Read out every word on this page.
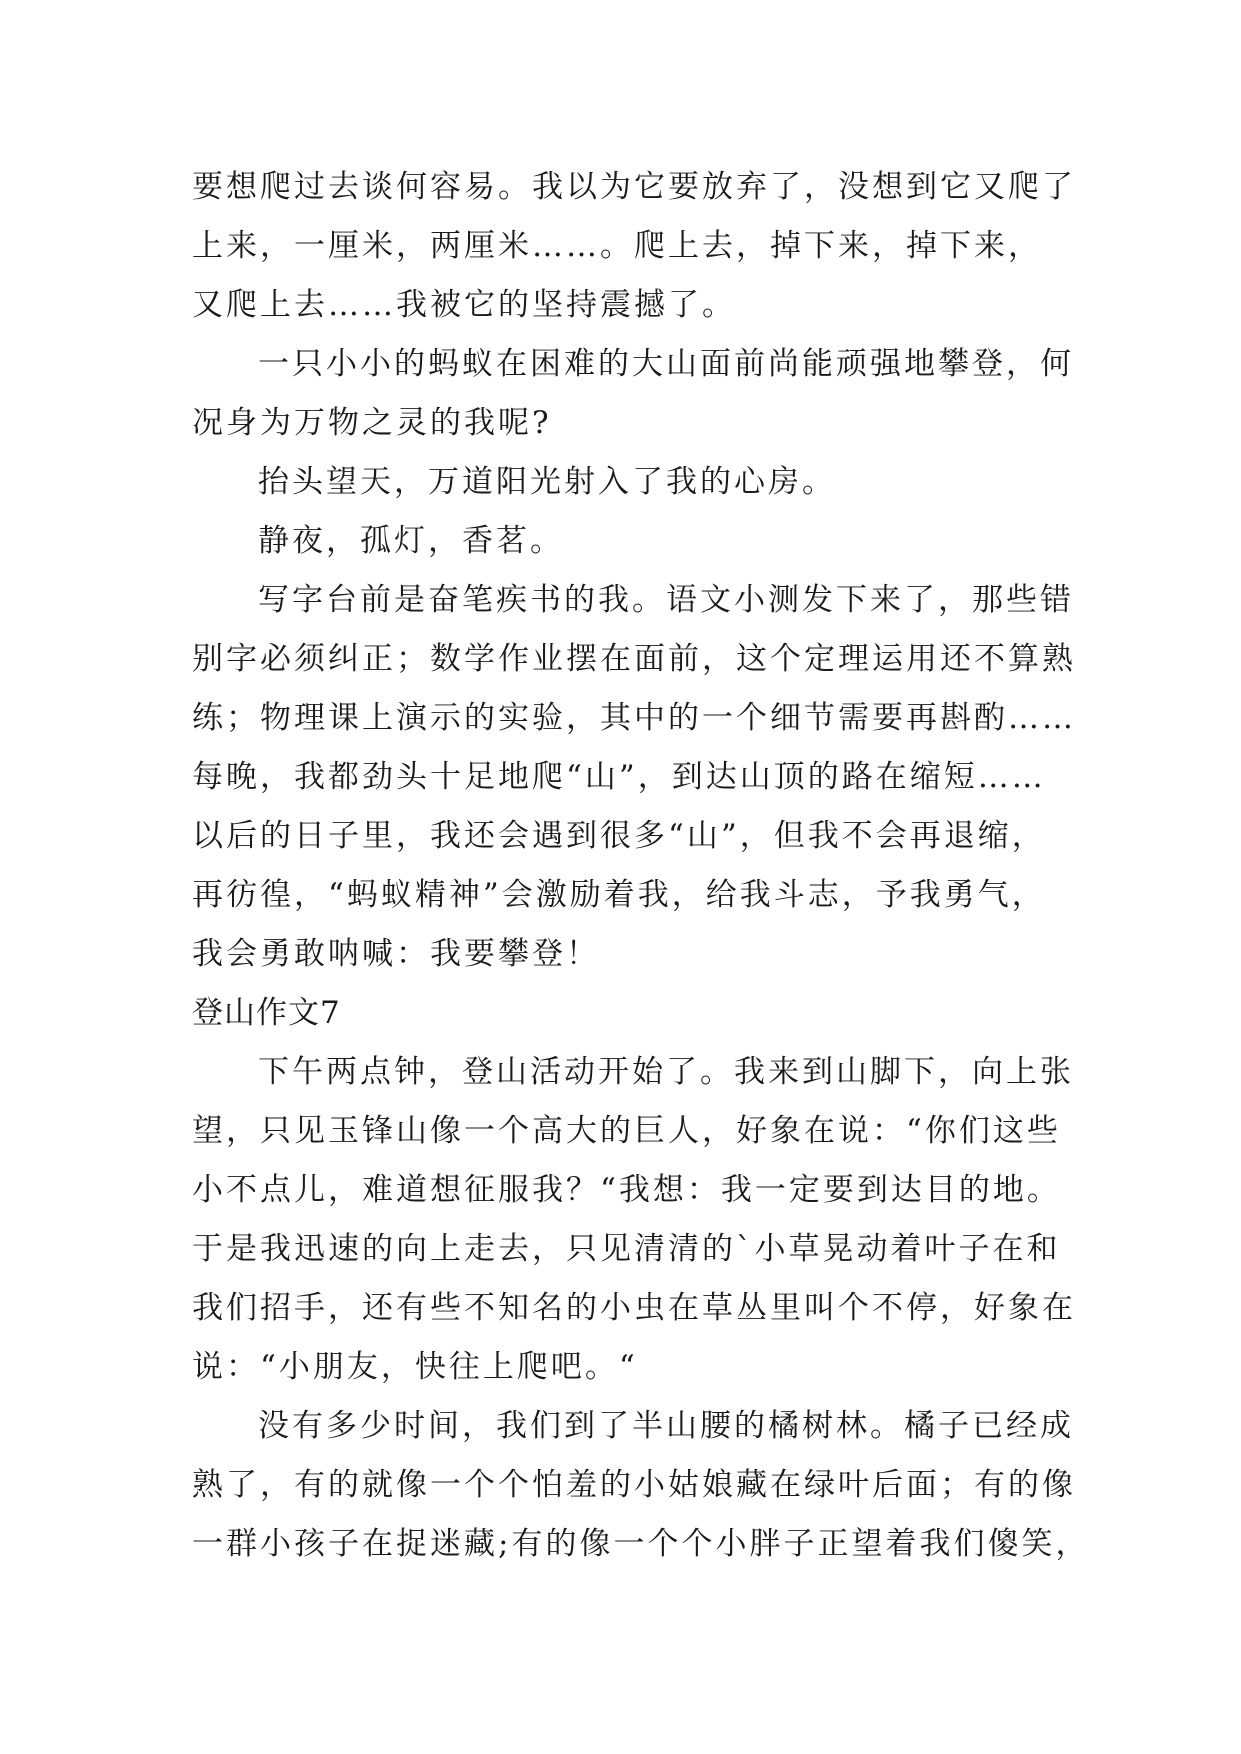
要想爬过去谈何容易。我以为它要放弃了，没想到它又爬了
上来，一厘米，两厘米……。爬上去，掉下来，掉下来，
又爬上去……我被它的坚持震撼了。
一只小小的蚂蚁在困难的大山面前尚能顽强地攀登，何
况身为万物之灵的我呢?
抬头望天，万道阳光射入了我的心房。
静夜，孤灯，香茗。
写字台前是奋笔疾书的我。语文小测发下来了，那些错
别字必须纠正；数学作业摆在面前，这个定理运用还不算熟
练；物理课上演示的实验，其中的一个细节需要再斟酌……
每晚，我都劲头十足地爬“山”，到达山顶的路在缩短……
以后的日子里，我还会遇到很多“山”，但我不会再退缩，
再彷徨，“蚂蚁精神”会激励着我，给我斗志，予我勇气，
我会勇敢呐喊：我要攀登！
登山作文7
下午两点钟，登山活动开始了。我来到山脚下，向上张
望，只见玉锋山像一个高大的巨人，好象在说：“你们这些
小不点儿，难道想征服我？“我想：我一定要到达目的地。
于是我迅速的向上走去，只见清清的`小草晃动着叶子在和
我们招手，还有些不知名的小虫在草丛里叫个不停，好象在
说：“小朋友，快往上爬吧。“
没有多少时间，我们到了半山腰的橘树林。橘子已经成
熟了，有的就像一个个怕羞的小姑娘藏在绿叶后面；有的像
一群小孩子在捉迷藏;有的像一个个小胖子正望着我们傻笑，
